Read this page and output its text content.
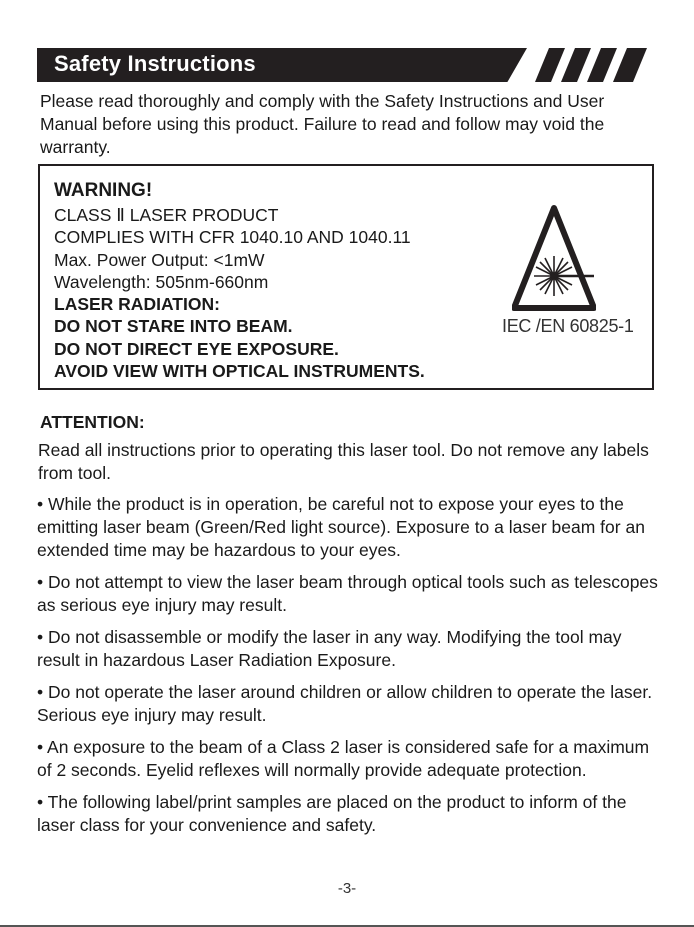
Safety Instructions

Please read thoroughly and comply with the Safety Instructions and User Manual before using this product. Failure to read and follow may void the warranty.

WARNING!
CLASS Ⅱ LASER PRODUCT
COMPLIES WITH CFR 1040.10 AND 1040.11
Max. Power Output: <1mW
Wavelength: 505nm-660nm
LASER RADIATION:
DO NOT STARE INTO BEAM.
DO NOT DIRECT EYE EXPOSURE.
AVOID VIEW WITH OPTICAL INSTRUMENTS.
IEC /EN 60825-1

ATTENTION:

Read all instructions prior to operating this laser tool. Do not remove any labels from tool.

• While the product is in operation, be careful not to expose your eyes to the emitting laser beam (Green/Red light source). Exposure to a laser beam for an extended time may be hazardous to your eyes.
• Do not attempt to view the laser beam through optical tools such as telescopes as serious eye injury may result.
• Do not disassemble or modify the laser in any way. Modifying the tool may result in hazardous Laser Radiation Exposure.
• Do not operate the laser around children or allow children to operate the laser. Serious eye injury may result.
• An exposure to the beam of a Class 2 laser is considered safe for a maximum of 2 seconds. Eyelid reflexes will normally provide adequate protection.
• The following label/print samples are placed on the product to inform of the laser class for your convenience and safety.
-3-
